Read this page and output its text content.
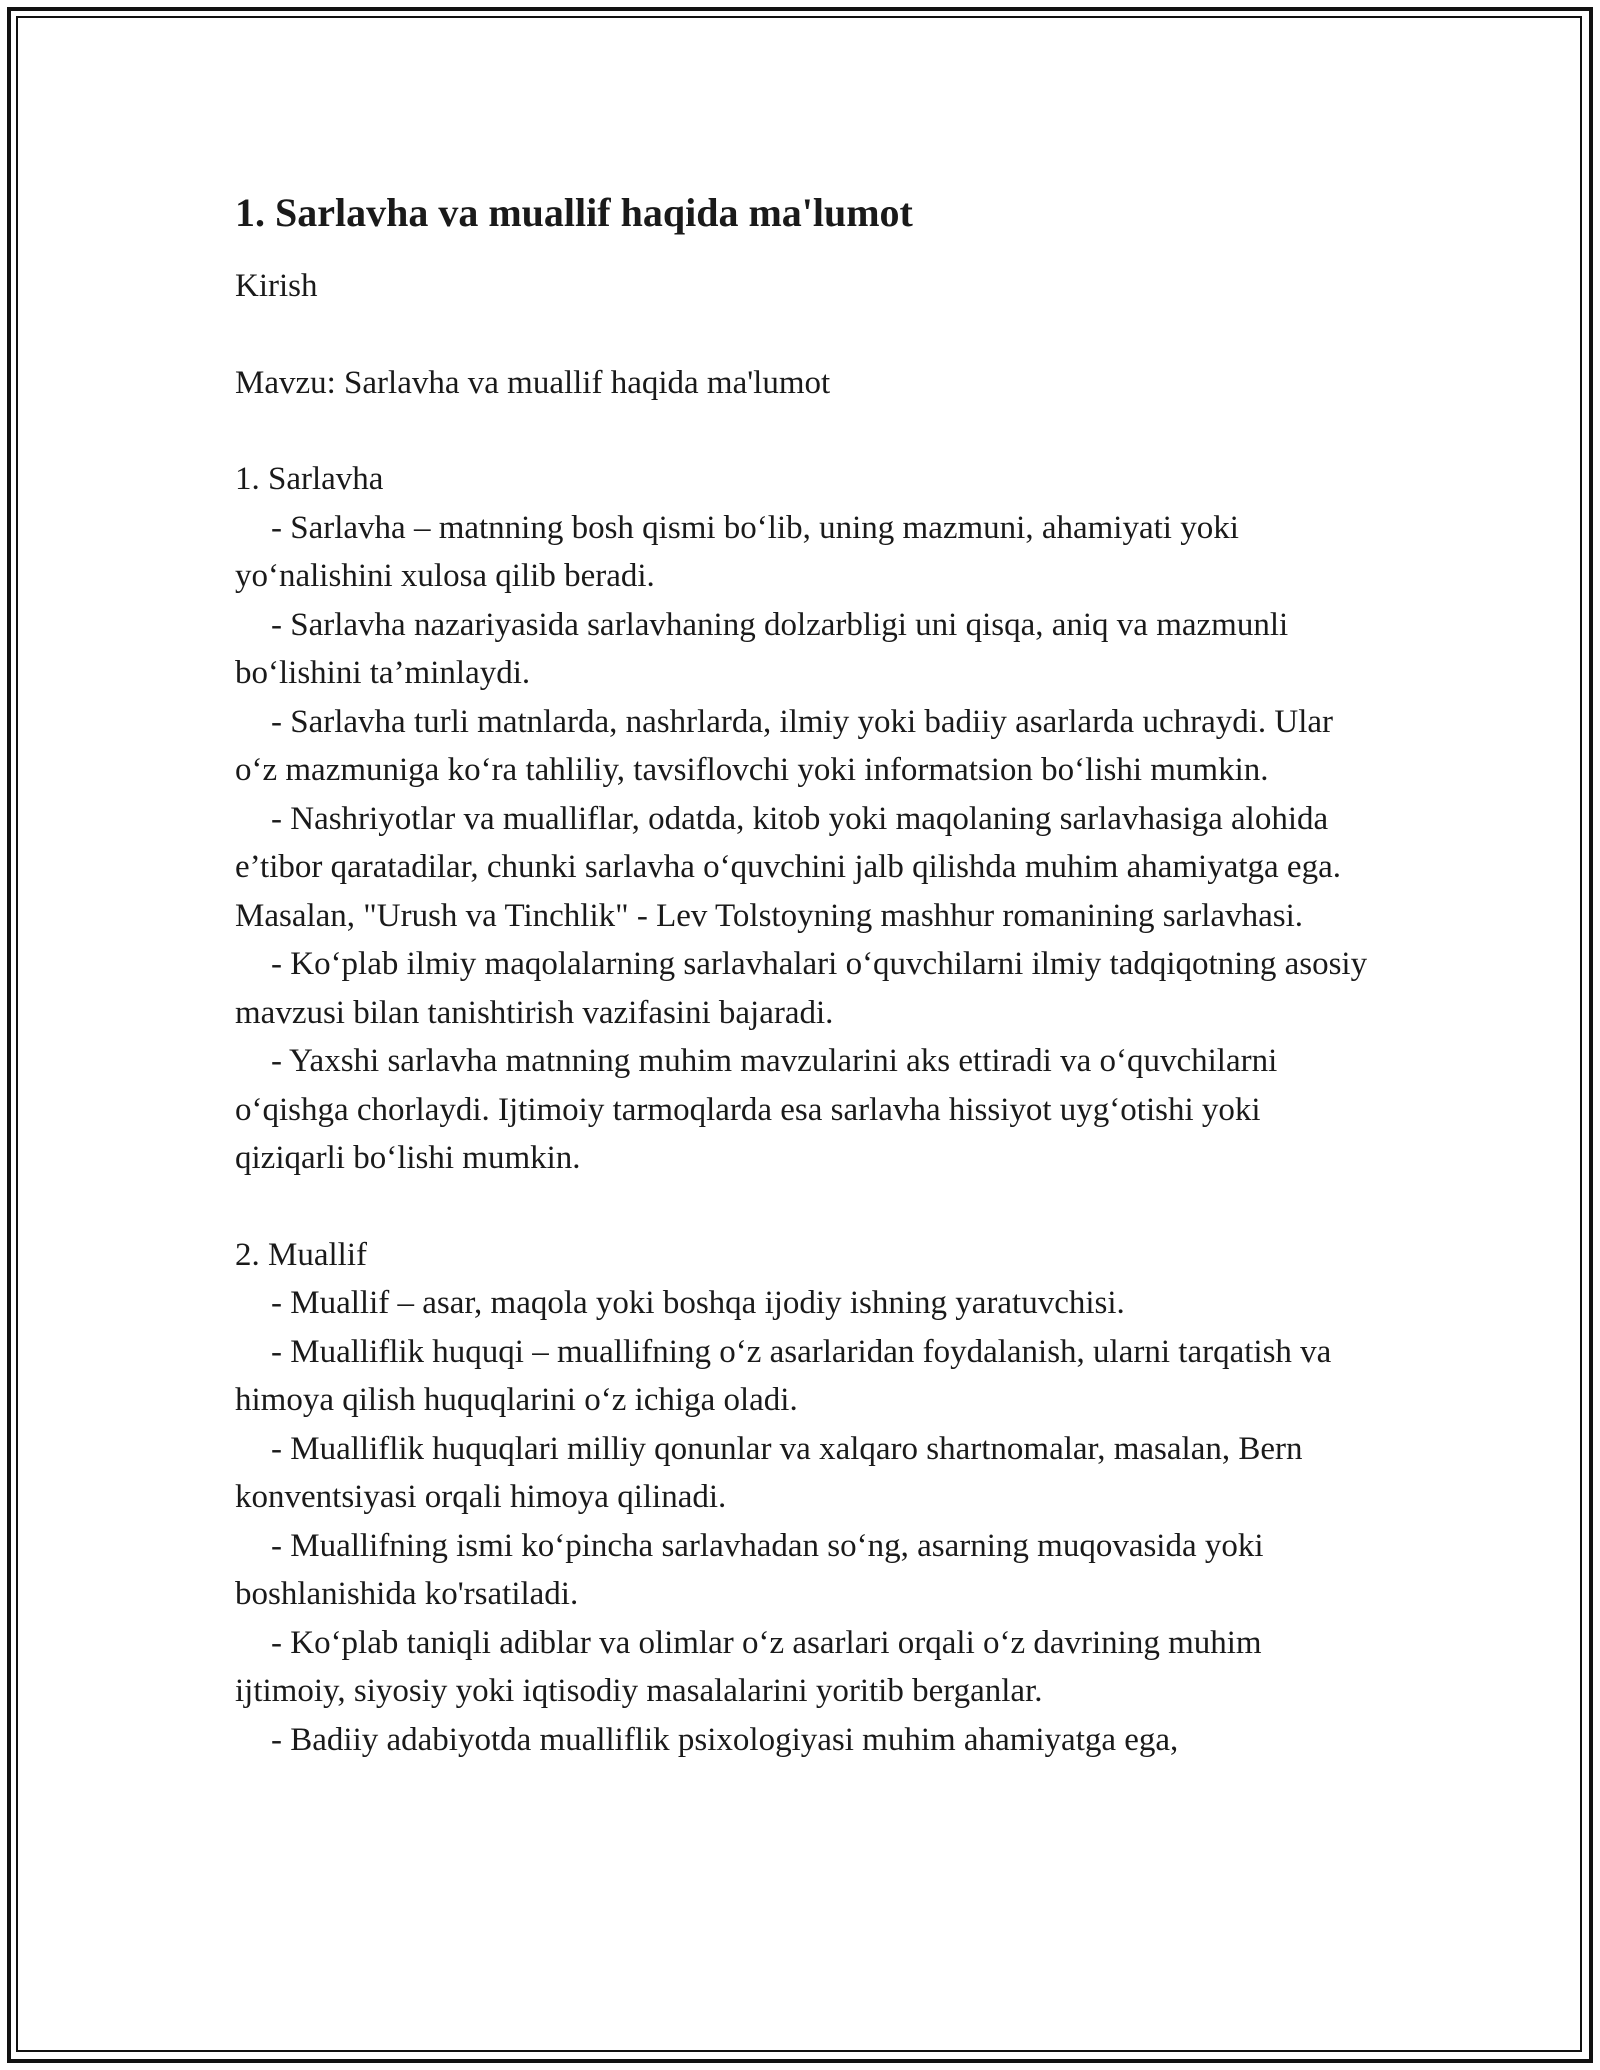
1. Sarlavha va muallif haqida ma'lumot

Kirish

Mavzu: Sarlavha va muallif haqida ma'lumot

1. Sarlavha

- Sarlavha – matnning bosh qismi bo‘lib, uning mazmuni, ahamiyati yoki yo‘nalishini xulosa qilib beradi.

- Sarlavha nazariyasida sarlavhaning dolzarbligi uni qisqa, aniq va mazmunli bo‘lishini ta’minlaydi.

- Sarlavha turli matnlarda, nashrlarda, ilmiy yoki badiiy asarlarda uchraydi. Ular o‘z mazmuniga ko‘ra tahliliy, tavsiflovchi yoki informatsion bo‘lishi mumkin.

- Nashriyotlar va mualliflar, odatda, kitob yoki maqolaning sarlavhasiga alohida e’tibor qaratadilar, chunki sarlavha o‘quvchini jalb qilishda muhim ahamiyatga ega. Masalan, "Urush va Tinchlik" - Lev Tolstoyning mashhur romanining sarlavhasi.

- Ko‘plab ilmiy maqolalarning sarlavhalari o‘quvchilarni ilmiy tadqiqotning asosiy mavzusi bilan tanishtirish vazifasini bajaradi.

- Yaxshi sarlavha matnning muhim mavzularini aks ettiradi va o‘quvchilarni o‘qishga chorlaydi. Ijtimoiy tarmoqlarda esa sarlavha hissiyot uyg‘otishi yoki qiziqarli bo‘lishi mumkin.

2. Muallif

- Muallif – asar, maqola yoki boshqa ijodiy ishning yaratuvchisi.

- Mualliflik huquqi – muallifning o‘z asarlaridan foydalanish, ularni tarqatish va himoya qilish huquqlarini o‘z ichiga oladi.

- Mualliflik huquqlari milliy qonunlar va xalqaro shartnomalar, masalan, Bern konventsiyasi orqali himoya qilinadi.

- Muallifning ismi ko‘pincha sarlavhadan so‘ng, asarning muqovasida yoki boshlanishida ko'rsatiladi.

- Ko‘plab taniqli adiblar va olimlar o‘z asarlari orqali o‘z davrining muhim ijtimoiy, siyosiy yoki iqtisodiy masalalarini yoritib berganlar.

- Badiiy adabiyotda mualliflik psixologiyasi muhim ahamiyatga ega,
